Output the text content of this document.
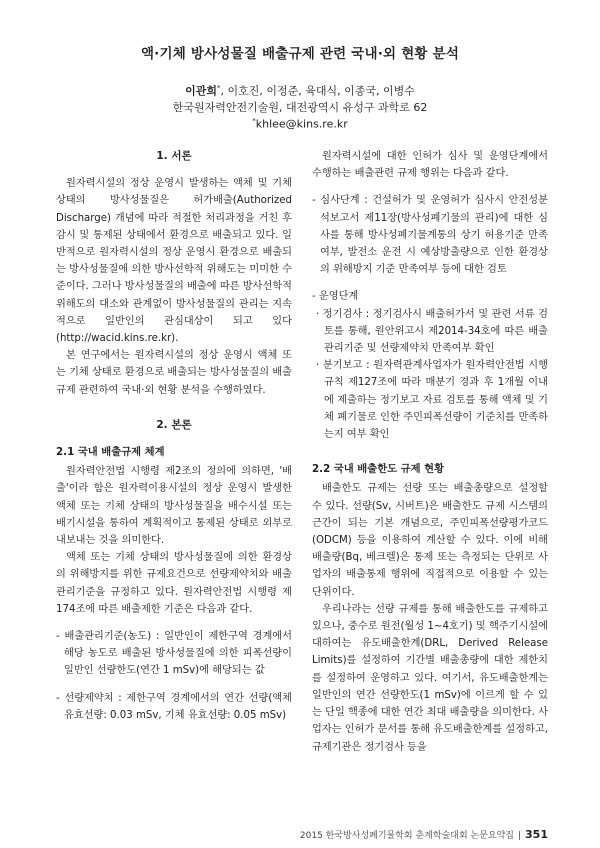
액·기체 방사성물질 배출규제 관련 국내·외 현황 분석
이관희*, 이호진, 이정준, 육대식, 이종국, 이병수
한국원자력안전기술원, 대전광역시 유성구 과학로 62
*khlee@kins.re.kr
1. 서론

원자력시설의 정상 운영시 발생하는 액체 및 기체 상태의 방사성물질은 허가배출(Authorized Discharge) 개념에 따라 적절한 처리과정을 거친 후 감시 및 통제된 상태에서 환경으로 배출되고 있다. 일반적으로 원자력시설의 정상 운영시 환경으로 배출되는 방사성물질에 의한 방사선학적 위해도는 미미한 수준이다. 그러나 방사성물질의 배출에 따른 방사선학적 위해도의 대소와 관계없이 방사성물질의 관리는 지속적으로 일반인의 관심대상이 되고 있다(http://wacid.kins.re.kr).

본 연구에서는 원자력시설의 정상 운영시 액체 또는 기체 상태로 환경으로 배출되는 방사성물질의 배출 규제 관련하여 국내·외 현황 분석을 수행하였다.

2. 본론
2.1 국내 배출규제 체계

원자력안전법 시행령 제2조의 정의에 의하면, '배출'이라 함은 원자력이용시설의 정상 운영시 발생한 액체 또는 기체 상태의 방사성물질을 배수시설 또는 배기시설을 통하여 계획적이고 통제된 상태로 외부로 내보내는 것을 의미한다.

액체 또는 기체 상태의 방사성물질에 의한 환경상의 위해방지를 위한 규제요건으로 선량제약치와 배출관리기준을 규정하고 있다. 원자력안전법 시행령 제174조에 따른 배출제한 기준은 다음과 같다.

- 배출관리기준(농도) : 일반인이 제한구역 경계에서 해당 농도로 배출된 방사성물질에 의한 피폭선량이 일반인 선량한도(연간 1 mSv)에 해당되는 값
- 선량제약치 : 제한구역 경계에서의 연간 선량(액체 유효선량: 0.03 mSv, 기체 유효선량: 0.05 mSv)

원자력시설에 대한 인허가 심사 및 운영단계에서 수행하는 배출관련 규제 행위는 다음과 같다.

- 심사단계 : 건설허가 및 운영허가 심사시 안전성분석보고서 제11장(방사성폐기물의 관리)에 대한 심사를 통해 방사성폐기물계통의 상기 허용기준 만족여부, 발전소 운전 시 예상방출량으로 인한 환경상의 위해방지 기준 만족여부 등에 대한 검토
- 운영단계
· 정기검사 : 정기검사시 배출허가서 및 관련 서류 검토를 통해, 원안위고시 제2014-34호에 따른 배출관리기준 및 선량제약치 만족여부 확인
· 분기보고 : 원자력관계사업자가 원자력안전법 시행규칙 제127조에 따라 매분기 경과 후 1개월 이내에 제출하는 정기보고 자료 검토를 통해 액체 및 기체 폐기물로 인한 주민피폭선량이 기준치를 만족하는지 여부 확인
2.2 국내 배출한도 규제 현황

배출한도 규제는 선량 또는 배출총량으로 설정할 수 있다. 선량(Sv, 시버트)은 배출한도 규제 시스템의 근간이 되는 기본 개념으로, 주민피폭선량평가코드(ODCM) 등을 이용하여 계산할 수 있다. 이에 비해 배출량(Bq, 베크렐)은 통제 또는 측정되는 단위로 사업자의 배출통제 행위에 직접적으로 이용할 수 있는 단위이다.

우리나라는 선량 규제를 통해 배출한도를 규제하고 있으나, 중수로 원전(월성 1~4호기) 및 핵주기시설에 대하여는 유도배출한계(DRL, Derived Release Limits)를 설정하여 기간별 배출총량에 대한 제한치를 설정하여 운영하고 있다. 여기서, 유도배출한계는 일반인의 연간 선량한도(1 mSv)에 이르게 할 수 있는 단일 핵종에 대한 연간 최대 배출량을 의미한다. 사업자는 인허가 문서를 통해 유도배출한계를 설정하고, 규제기관은 정기검사 등을

2015 한국방사성폐기물학회 춘계학술대회 논문요약집 | 351
